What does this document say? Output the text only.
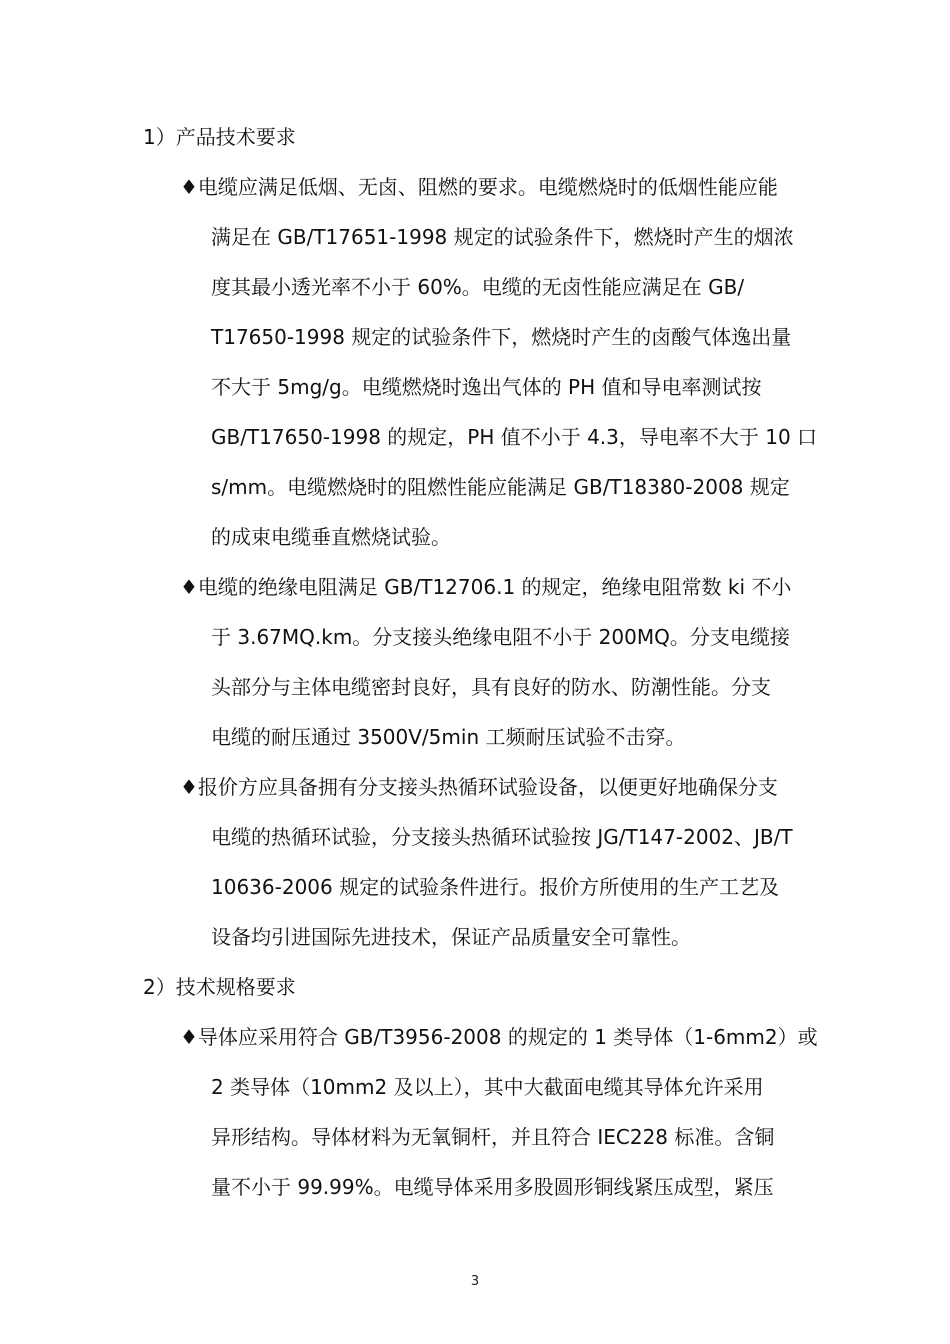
1）产品技术要求
♦电缆应满足低烟、无卤、阻燃的要求。电缆燃烧时的低烟性能应能
满足在 GB/T17651-1998 规定的试验条件下，燃烧时产生的烟浓
度其最小透光率不小于 60%。电缆的无卤性能应满足在 GB/
T17650-1998 规定的试验条件下，燃烧时产生的卤酸气体逸出量
不大于 5mg/g。电缆燃烧时逸出气体的 PH 值和导电率测试按
GB/T17650-1998 的规定，PH 值不小于 4.3，导电率不大于 10 口
s/mm。电缆燃烧时的阻燃性能应能满足 GB/T18380-2008 规定
的成束电缆垂直燃烧试验。
♦电缆的绝缘电阻满足 GB/T12706.1 的规定，绝缘电阻常数 ki 不小
于 3.67MQ.km。分支接头绝缘电阻不小于 200MQ。分支电缆接
头部分与主体电缆密封良好，具有良好的防水、防潮性能。分支
电缆的耐压通过 3500V/5min 工频耐压试验不击穿。
♦报价方应具备拥有分支接头热循环试验设备，以便更好地确保分支
电缆的热循环试验，分支接头热循环试验按 JG/T147-2002、JB/T
10636-2006 规定的试验条件进行。报价方所使用的生产工艺及
设备均引进国际先进技术，保证产品质量安全可靠性。
2）技术规格要求
♦导体应采用符合 GB/T3956-2008 的规定的 1 类导体（1-6mm2）或
2 类导体（10mm2 及以上），其中大截面电缆其导体允许采用
异形结构。导体材料为无氧铜杆，并且符合 IEC228 标准。含铜
量不小于 99.99%。电缆导体采用多股圆形铜线紧压成型，紧压
3
